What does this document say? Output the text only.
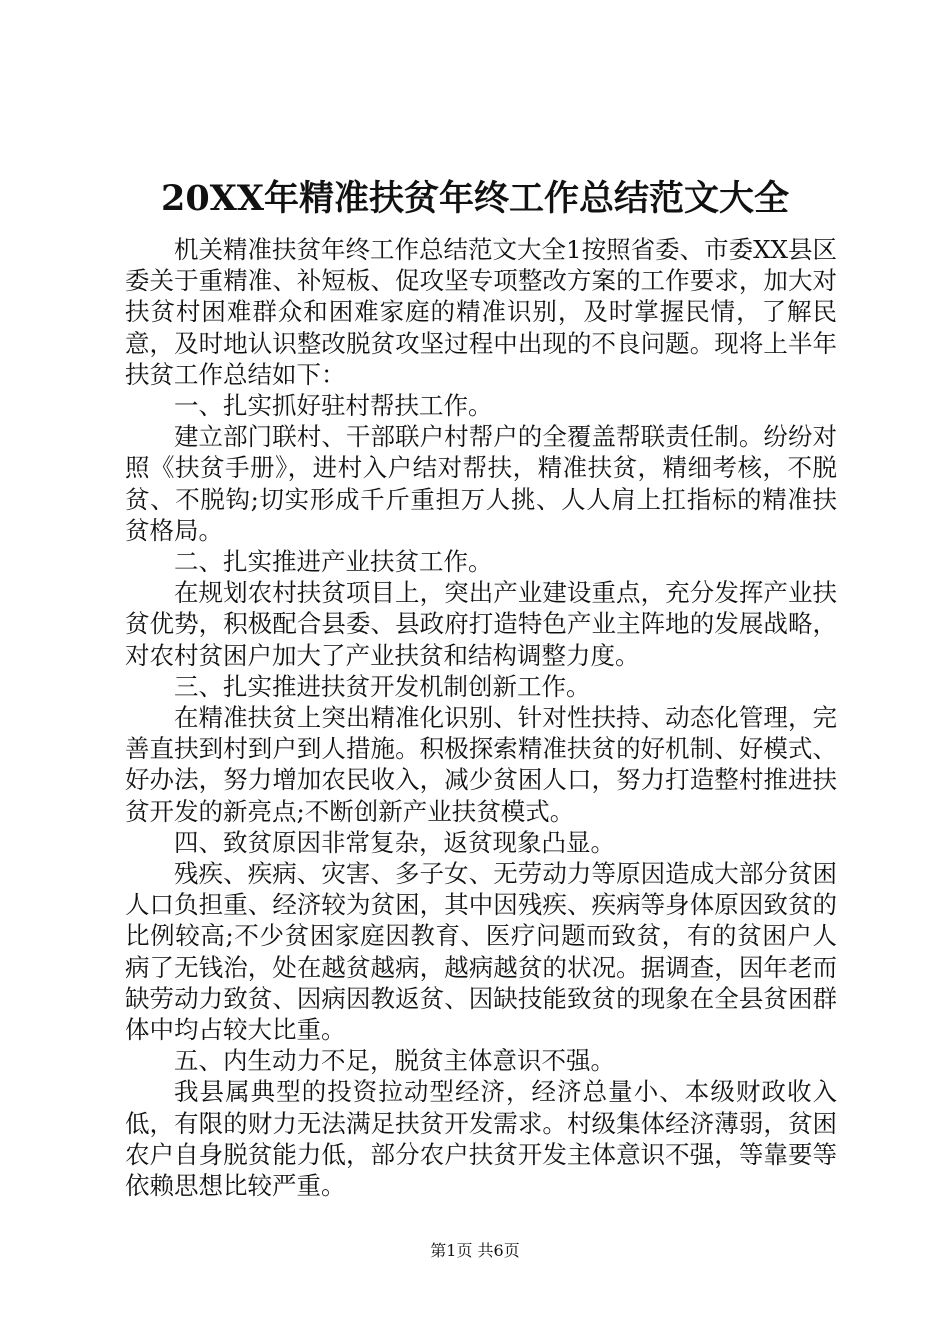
20XX年精准扶贫年终工作总结范文大全

机关精准扶贫年终工作总结范文大全1按照省委、市委XX县区委关于重精准、补短板、促攻坚专项整改方案的工作要求，加大对扶贫村困难群众和困难家庭的精准识别，及时掌握民情，了解民意，及时地认识整改脱贫攻坚过程中出现的不良问题。现将上半年扶贫工作总结如下：

一、扎实抓好驻村帮扶工作。

建立部门联村、干部联户村帮户的全覆盖帮联责任制。纷纷对照《扶贫手册》，进村入户结对帮扶，精准扶贫，精细考核，不脱贫、不脱钩;切实形成千斤重担万人挑、人人肩上扛指标的精准扶贫格局。

二、扎实推进产业扶贫工作。

在规划农村扶贫项目上，突出产业建设重点，充分发挥产业扶贫优势，积极配合县委、县政府打造特色产业主阵地的发展战略，对农村贫困户加大了产业扶贫和结构调整力度。

三、扎实推进扶贫开发机制创新工作。

在精准扶贫上突出精准化识别、针对性扶持、动态化管理，完善直扶到村到户到人措施。积极探索精准扶贫的好机制、好模式、好办法，努力增加农民收入，减少贫困人口，努力打造整村推进扶贫开发的新亮点;不断创新产业扶贫模式。

四、致贫原因非常复杂，返贫现象凸显。

残疾、疾病、灾害、多子女、无劳动力等原因造成大部分贫困人口负担重、经济较为贫困，其中因残疾、疾病等身体原因致贫的比例较高;不少贫困家庭因教育、医疗问题而致贫，有的贫困户人病了无钱治，处在越贫越病，越病越贫的状况。据调查，因年老而缺劳动力致贫、因病因教返贫、因缺技能致贫的现象在全县贫困群体中均占较大比重。

五、内生动力不足，脱贫主体意识不强。

我县属典型的投资拉动型经济，经济总量小、本级财政收入低，有限的财力无法满足扶贫开发需求。村级集体经济薄弱，贫困农户自身脱贫能力低，部分农户扶贫开发主体意识不强，等靠要等依赖思想比较严重。

第1页 共6页
